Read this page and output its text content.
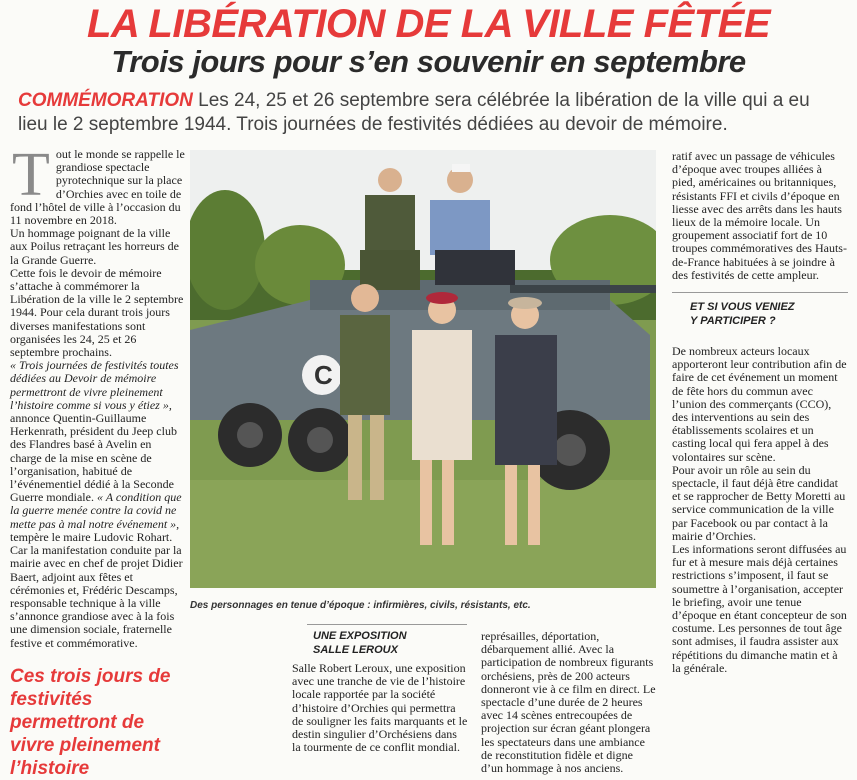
LA LIBÉRATION DE LA VILLE FÊTÉE
Trois jours pour s’en souvenir en septembre
COMMÉMORATION Les 24, 25 et 26 septembre sera célébrée la libération de la ville qui a eu lieu le 2 septembre 1944. Trois journées de festivités dédiées au devoir de mémoire.
T out le monde se rappelle le grandiose spectacle pyrotechnique sur la place d’Orchies avec en toile de fond l’hôtel de ville à l’occasion du 11 novembre en 2018.

Un hommage poignant de la ville aux Poilus retraçant les horreurs de la Grande Guerre.

Cette fois le devoir de mémoire s’attache à commémorer la Libération de la ville le 2 septembre 1944. Pour cela durant trois jours diverses manifestations sont organisées les 24, 25 et 26 septembre prochains.

« Trois journées de festivités toutes dédiées au Devoir de mémoire permettront de vivre pleinement l’histoire comme si vous y étiez », annonce Quentin-Guillaume Herkenrath, président du Jeep club des Flandres basé à Avelin en charge de la mise en scène de l’organisation, habitué de l’événementiel dédié à la Seconde Guerre mondiale. « A condition que la guerre menée contre la covid ne mette pas à mal notre événement », tempère le maire Ludovic Rohart.

Car la manifestation conduite par la mairie avec en chef de projet Didier Baert, adjoint aux fêtes et cérémonies et, Frédéric Descamps, responsable technique à la ville s’annonce grandiose avec à la fois une dimension sociale, fraternelle festive et commémorative.

C
Des personnages en tenue d’époque : infirmières, civils, résistants, etc.

ratif avec un passage de véhicules d’époque avec troupes alliées à pied, américaines ou britanniques, résistants FFI et civils d’époque en liesse avec des arrêts dans les hauts lieux de la mémoire locale. Un groupement associatif fort de 10 troupes commémoratives des Hauts-de-France habituées à se joindre à des festivités de cette ampleur.

ET SI VOUS VENIEZ
Y PARTICIPER ?

De nombreux acteurs locaux apporteront leur contribution afin de faire de cet événement un moment de fête hors du commun avec l’union des commerçants (CCO), des interventions au sein des établissements scolaires et un casting local qui fera appel à des volontaires sur scène.

Pour avoir un rôle au sein du spectacle, il faut déjà être candidat et se rapprocher de Betty Moretti au service communication de la ville par Facebook ou par contact à la mairie d’Orchies.

Les informations seront diffusées au fur et à mesure mais déjà certaines restrictions s’imposent, il faut se soumettre à l’organisation, accepter le briefing, avoir une tenue d’époque en étant concepteur de son costume. Les personnes de tout âge sont admises, il faudra assister aux répétitions du dimanche matin et à la générale.

UNE EXPOSITION
SALLE LEROUX

Salle Robert Leroux, une exposition avec une tranche de vie de l’histoire locale rapportée par la société d’histoire d’Orchies qui permettra de souligner les faits marquants et le destin singulier d’Orchésiens dans la tourmente de ce conflit mondial.

représailles, déportation, débarquement allié. Avec la participation de nombreux figurants orchésiens, près de 200 acteurs donneront vie à ce film en direct. Le spectacle d’une durée de 2 heures avec 14 scènes entrecoupées de projection sur écran géant plongera les spectateurs dans une ambiance de reconstitution fidèle et digne d’un hommage à nos anciens.

Ces trois jours de festivités permettront de vivre pleinement l’histoire
